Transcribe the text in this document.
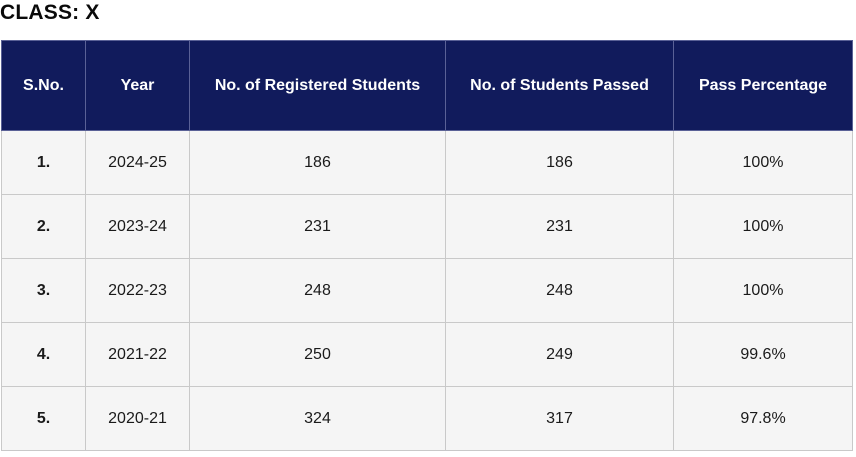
CLASS: X
S.No.	Year	No. of Registered Students	No. of Students Passed	Pass Percentage
1.	2024-25	186	186	100%
2.	2023-24	231	231	100%
3.	2022-23	248	248	100%
4.	2021-22	250	249	99.6%
5.	2020-21	324	317	97.8%
